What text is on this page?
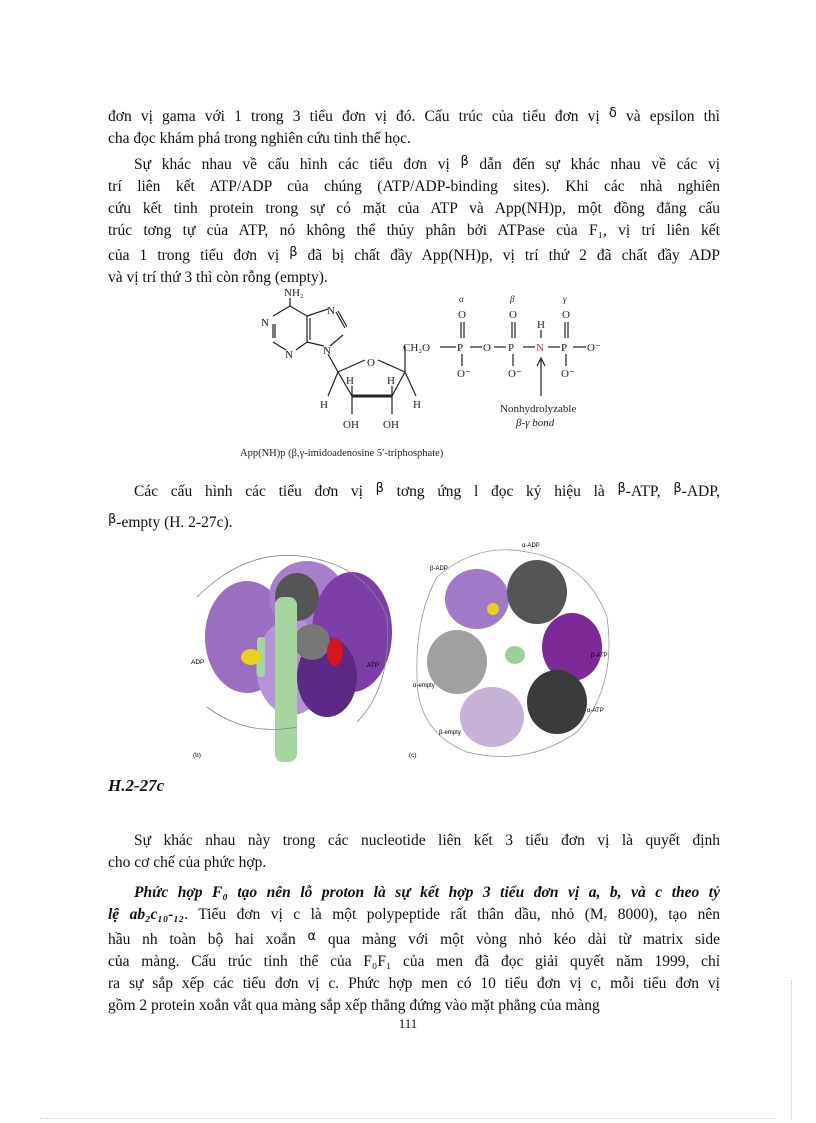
đơn vị gama với 1 trong 3 tiểu đơn vị đó. Cấu trúc của tiểu đơn vị $^\delta$ và epsilon thì
cha đọc khám phá trong nghiên cứu tinh thể học.
Sự khác nhau về cấu hình các tiểu đơn vị $^\beta$ dẫn đến sự khác nhau về các vị
trí liên kết ATP/ADP của chúng (ATP/ADP-binding sites). Khi các nhà nghiên
cứu kết tinh protein trong sự có mặt của ATP và App(NH)p, một đồng đẳng cấu
trúc tơng tự của ATP, nó không thể thủy phân bởi ATPase của F₁, vị trí liên kết
của 1 trong tiểu đơn vị $^\beta$ đã bị chất đầy App(NH)p, vị trí thứ 2 đã chất đầy ADP
và vị trí thứ 3 thì còn rỗng (empty).
NH₂
N
N
N
N
O
H
H	H
H
OH OH
CH₂O
α	β	γ
O	O	O
P O P
H
N P O⁻
O⁻	O⁻	O⁻
Nonhydrolyzable
β-γ bond
App(NH)p (β,γ-imidoadenosine 5′-triphosphate)
Các cấu hình các tiểu đơn vị $^\beta$ tơng ứng l đọc ký hiệu là $^\beta$-ATP, $^\beta$-ADP,
$^\beta$-empty (H. 2-27c).
ADP	ATP
(b)
α-ADP
β-ADP
β-ATP
α-empty
β-empty
α-ATP
(c)

H.2-27c

Sự khác nhau này trong các nucleotide liên kết 3 tiểu đơn vị là quyết định
cho cơ chế của phức hợp.
Phức hợp F₀ tạo nên lỗ proton là sự kết hợp 3 tiểu đơn vị a, b, và c theo tỷ
lệ ab₂c₁₀-₁₂. Tiểu đơn vị c là một polypeptide rất thân dầu, nhỏ (Mᵣ 8000), tạo nên
hầu nh toàn bộ hai xoắn $^\alpha$ qua màng với một vòng nhỏ kéo dài từ matrix side
của màng. Cấu trúc tinh thể của F₀F₁ của men đã đọc giải quyết năm 1999, chỉ
ra sự sắp xếp các tiểu đơn vị c. Phức hợp men có 10 tiểu đơn vị c, mỗi tiểu đơn vị
gồm 2 protein xoắn vắt qua màng sắp xếp thẳng đứng vào mặt phẳng của màng
111
